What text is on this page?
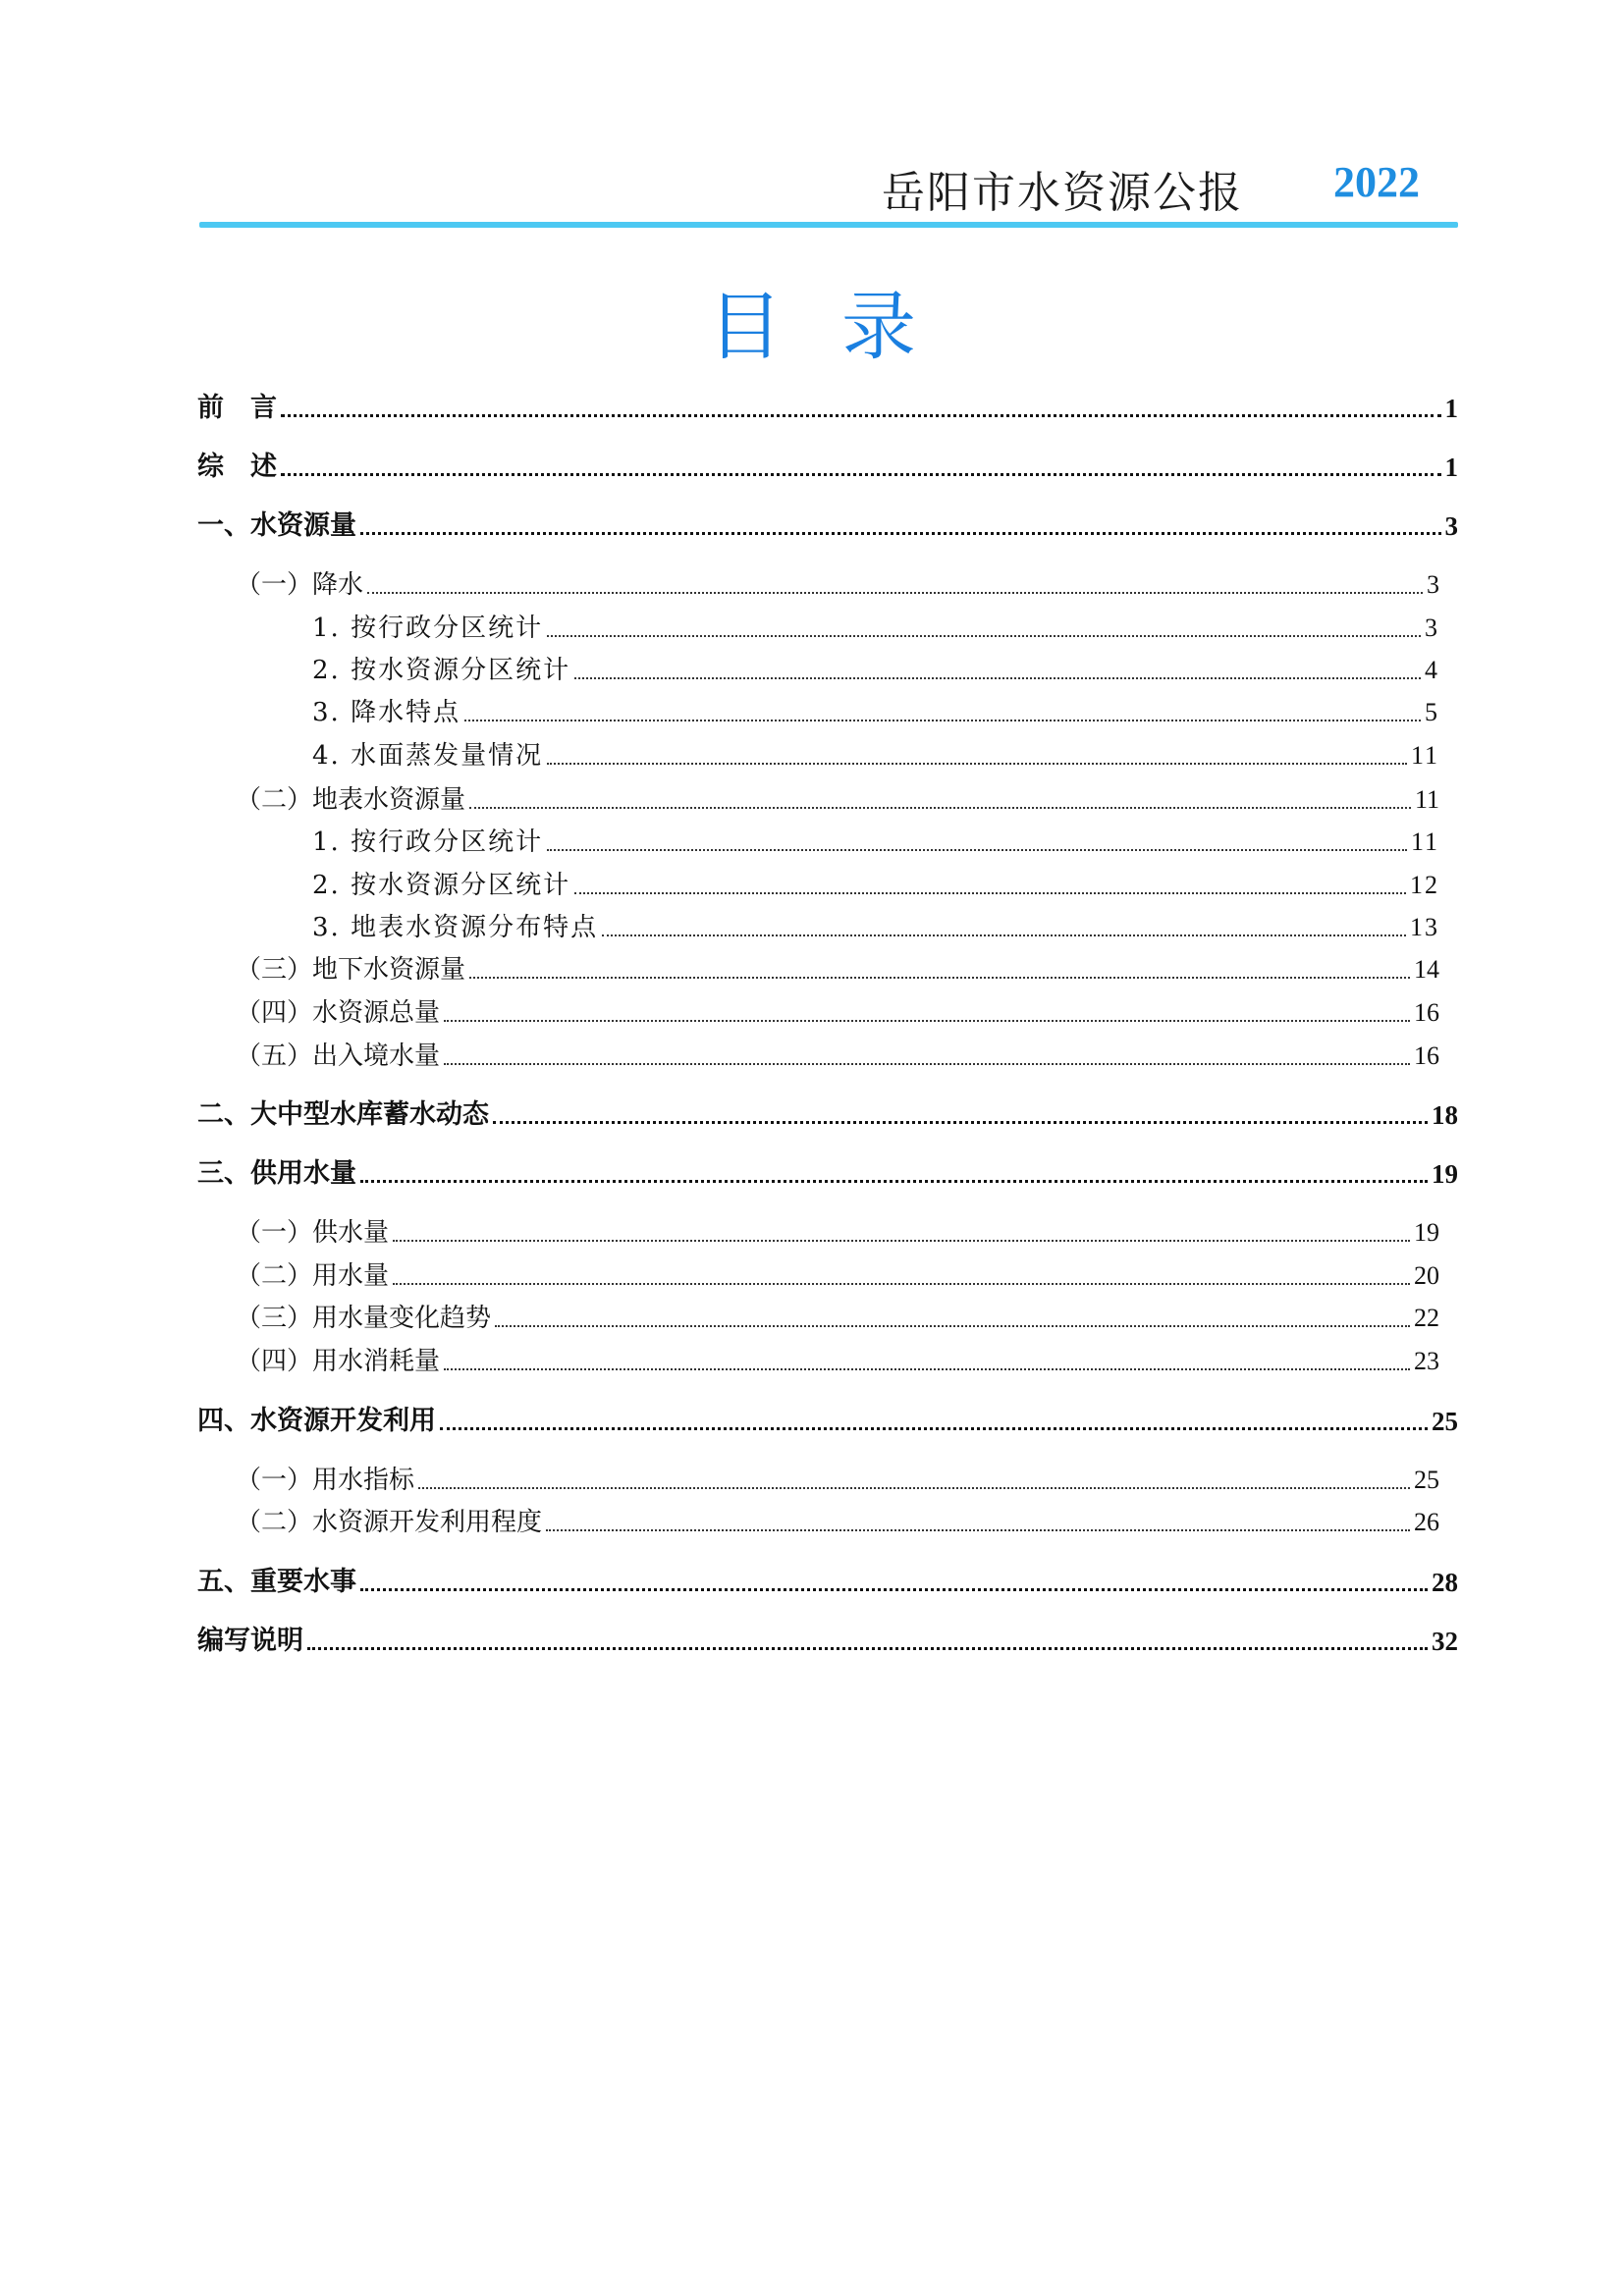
岳阳市水资源公报 2022
目录
前　言	1
综　述	1
一、水资源量	3
（一）降水	3
1. 按行政分区统计	3
2. 按水资源分区统计	4
3. 降水特点	5
4. 水面蒸发量情况	11
（二）地表水资源量	11
1. 按行政分区统计	11
2. 按水资源分区统计	12
3. 地表水资源分布特点	13
（三）地下水资源量	14
（四）水资源总量	16
（五）出入境水量	16
二、大中型水库蓄水动态	18
三、供用水量	19
（一）供水量	19
（二）用水量	20
（三）用水量变化趋势	22
（四）用水消耗量	23
四、水资源开发利用	25
（一）用水指标	25
（二）水资源开发利用程度	26
五、重要水事	28
编写说明	32
